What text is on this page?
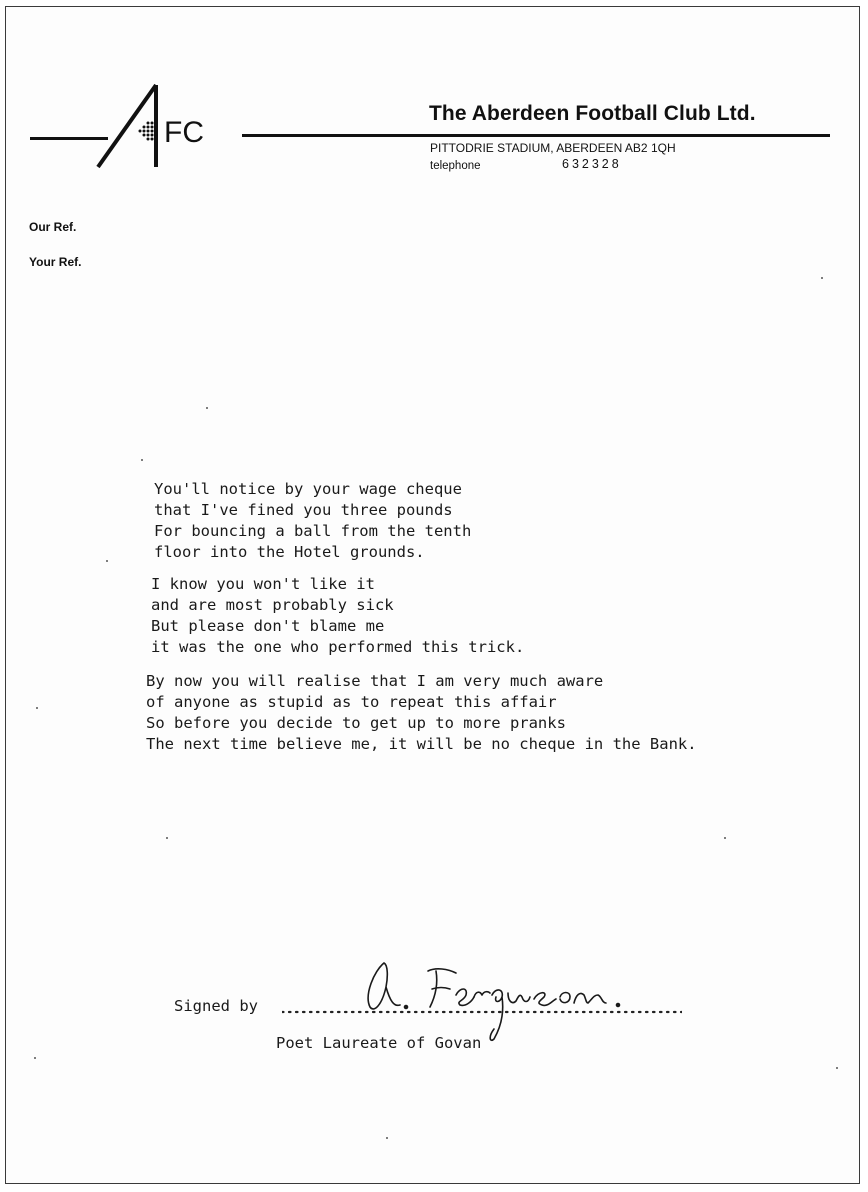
FC
The Aberdeen Football Club Ltd.
PITTODRIE STADIUM, ABERDEEN AB2 1QH
telephone	632328
Our Ref.
Your Ref.
You'll notice by your wage cheque
that I've fined you three pounds
For bouncing a ball from the tenth
floor into the Hotel grounds.
I know you won't like it
and are most probably sick
But please don't blame me
it was the one who performed this trick.
By now you will realise that I am very much aware
of anyone as stupid as to repeat this affair
So before you decide to get up to more pranks
The next time believe me, it will be no cheque in the Bank.
Signed by
Poet Laureate of Govan
